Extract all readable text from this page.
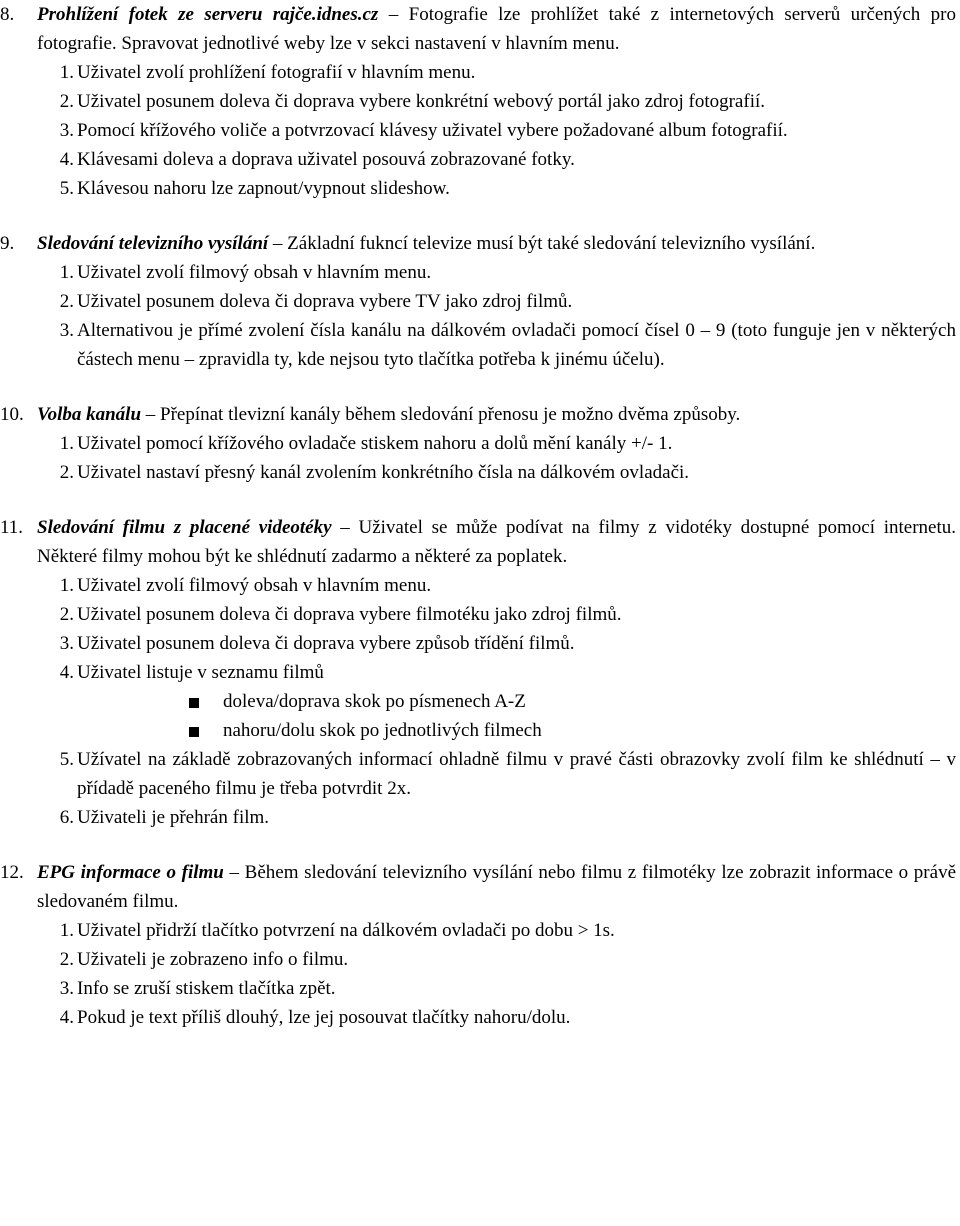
8. Prohlížení fotek ze serveru rajče.idnes.cz – Fotografie lze prohlížet také z internetových serverů určených pro fotografie. Spravovat jednotlivé weby lze v sekci nastavení v hlavním menu.

1. Uživatel zvolí prohlížení fotografií v hlavním menu.
2. Uživatel posunem doleva či doprava vybere konkrétní webový portál jako zdroj fotografií.
3. Pomocí křížového voliče a potvrzovací klávesy uživatel vybere požadované album fotografií.
4. Klávesami doleva a doprava uživatel posouvá zobrazované fotky.
5. Klávesou nahoru lze zapnout/vypnout slideshow.

9. Sledování televizního vysílání – Základní fukncí televize musí být také sledování televizního vysílání.

1. Uživatel zvolí filmový obsah v hlavním menu.
2. Uživatel posunem doleva či doprava vybere TV jako zdroj filmů.
3. Alternativou je přímé zvolení čísla kanálu na dálkovém ovladači pomocí čísel 0 – 9 (toto funguje jen v některých částech menu – zpravidla ty, kde nejsou tyto tlačítka potřeba k jinému účelu).

10. Volba kanálu – Přepínat tlevizní kanály během sledování přenosu je možno dvěma způsoby.

1. Uživatel pomocí křížového ovladače stiskem nahoru a dolů mění kanály +/- 1.
2. Uživatel nastaví přesný kanál zvolením konkrétního čísla na dálkovém ovladači.

11. Sledování filmu z placené videotéky – Uživatel se může podívat na filmy z vidotéky dostupné pomocí internetu. Některé filmy mohou být ke shlédnutí zadarmo a některé za poplatek.

1. Uživatel zvolí filmový obsah v hlavním menu.
2. Uživatel posunem doleva či doprava vybere filmotéku jako zdroj filmů.
3. Uživatel posunem doleva či doprava vybere způsob třídění filmů.
4. Uživatel listuje v seznamu filmů
doleva/doprava skok po písmenech A-Z
nahoru/dolu skok po jednotlivých filmech
5. Užívatel na základě zobrazovaných informací ohladně filmu v pravé části obrazovky zvolí film ke shlédnutí – v přídadě paceného filmu je třeba potvrdit 2x.
6. Uživateli je přehrán film.

12. EPG informace o filmu – Během sledování televizního vysílání nebo filmu z filmotéky lze zobrazit informace o právě sledovaném filmu.

1. Uživatel přidrží tlačítko potvrzení na dálkovém ovladači po dobu > 1s.
2. Uživateli je zobrazeno info o filmu.
3. Info se zruší stiskem tlačítka zpět.
4. Pokud je text příliš dlouhý, lze jej posouvat tlačítky nahoru/dolu.
